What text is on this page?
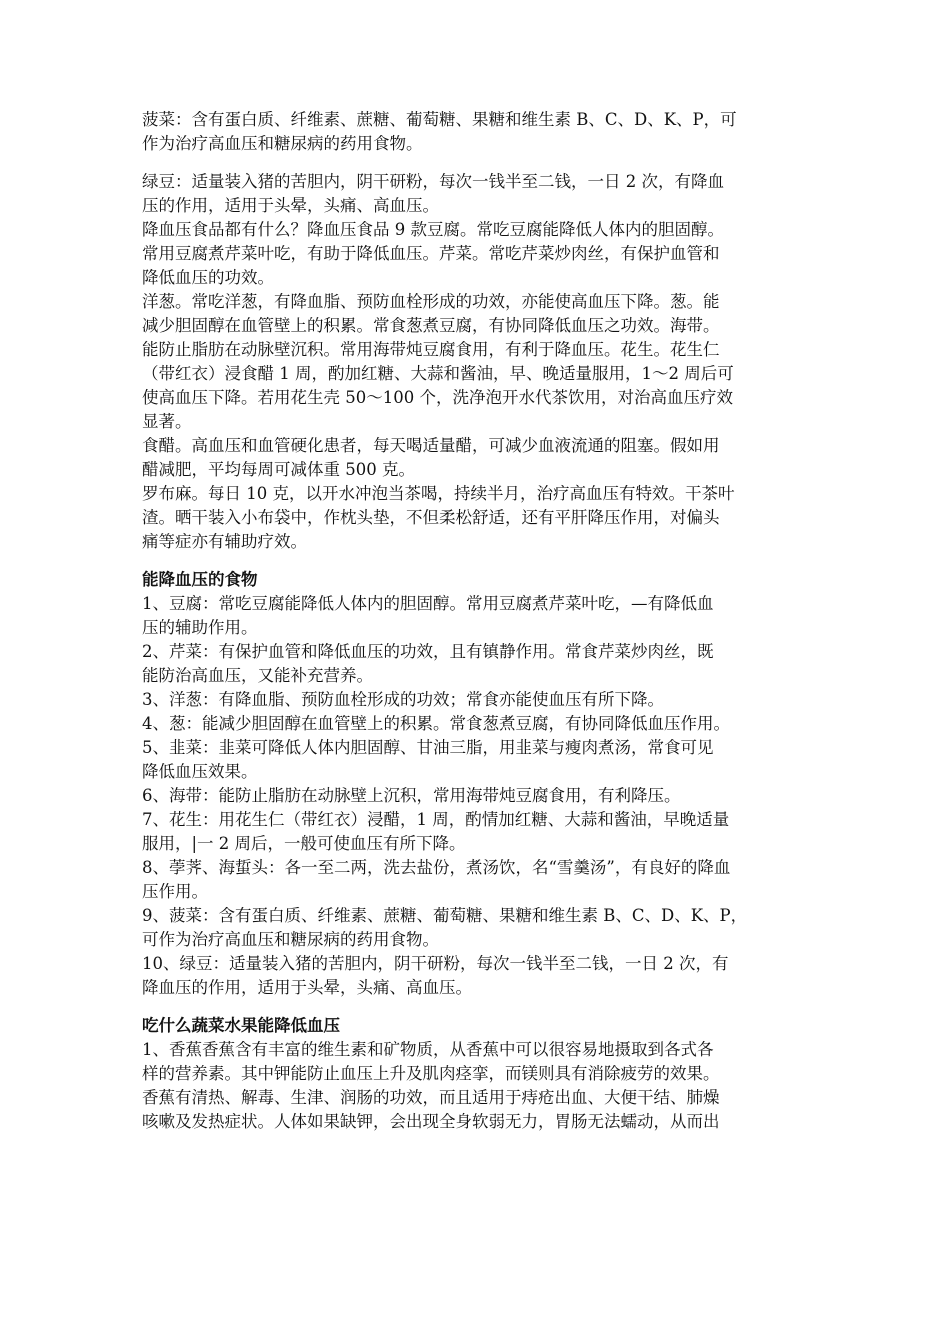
菠菜：含有蛋白质、纤维素、蔗糖、葡萄糖、果糖和维生素 B、C、D、K、P，可
作为治疗高血压和糖尿病的药用食物。
绿豆：适量装入猪的苦胆内，阴干研粉，每次一钱半至二钱，一日 2 次，有降血
压的作用，适用于头晕，头痛、高血压。
降血压食品都有什么？降血压食品 9 款豆腐。常吃豆腐能降低人体内的胆固醇。
常用豆腐煮芹菜叶吃，有助于降低血压。芹菜。常吃芹菜炒肉丝，有保护血管和
降低血压的功效。
洋葱。常吃洋葱，有降血脂、预防血栓形成的功效，亦能使高血压下降。葱。能
减少胆固醇在血管壁上的积累。常食葱煮豆腐，有协同降低血压之功效。海带。
能防止脂肪在动脉壁沉积。常用海带炖豆腐食用，有利于降血压。花生。花生仁
（带红衣）浸食醋 1 周，酌加红糖、大蒜和酱油，早、晚适量服用，1～2 周后可
使高血压下降。若用花生壳 50～100 个，洗净泡开水代茶饮用，对治高血压疗效
显著。
食醋。高血压和血管硬化患者，每天喝适量醋，可减少血液流通的阻塞。假如用
醋减肥，平均每周可减体重 500 克。
罗布麻。每日 10 克，以开水冲泡当茶喝，持续半月，治疗高血压有特效。干茶叶
渣。晒干装入小布袋中，作枕头垫，不但柔松舒适，还有平肝降压作用，对偏头
痛等症亦有辅助疗效。
能降血压的食物
1、豆腐：常吃豆腐能降低人体内的胆固醇。常用豆腐煮芹菜叶吃，—有降低血
压的辅助作用。
2、芹菜：有保护血管和降低血压的功效，且有镇静作用。常食芹菜炒肉丝，既
能防治高血压，又能补充营养。
3、洋葱：有降血脂、预防血栓形成的功效；常食亦能使血压有所下降。
4、葱：能减少胆固醇在血管壁上的积累。常食葱煮豆腐，有协同降低血压作用。
5、韭菜：韭菜可降低人体内胆固醇、甘油三脂，用韭菜与瘦肉煮汤，常食可见
降低血压效果。
6、海带：能防止脂肪在动脉壁上沉积，常用海带炖豆腐食用，有利降压。
7、花生：用花生仁（带红衣）浸醋，1 周，酌情加红糖、大蒜和酱油，早晚适量
服用，|一 2 周后，一般可使血压有所下降。
8、荸荠、海蜇头：各一至二两，洗去盐份，煮汤饮，名“雪羹汤”，有良好的降血
压作用。
9、菠菜：含有蛋白质、纤维素、蔗糖、葡萄糖、果糖和维生素 B、C、D、K、P，
可作为治疗高血压和糖尿病的药用食物。
10、绿豆：适量装入猪的苦胆内，阴干研粉，每次一钱半至二钱，一日 2 次，有
降血压的作用，适用于头晕，头痛、高血压。
吃什么蔬菜水果能降低血压
1、香蕉香蕉含有丰富的维生素和矿物质，从香蕉中可以很容易地摄取到各式各
样的营养素。其中钾能防止血压上升及肌肉痉挛，而镁则具有消除疲劳的效果。
香蕉有清热、解毒、生津、润肠的功效，而且适用于痔疮出血、大便干结、肺燥
咳嗽及发热症状。人体如果缺钾，会出现全身软弱无力，胃肠无法蠕动，从而出
